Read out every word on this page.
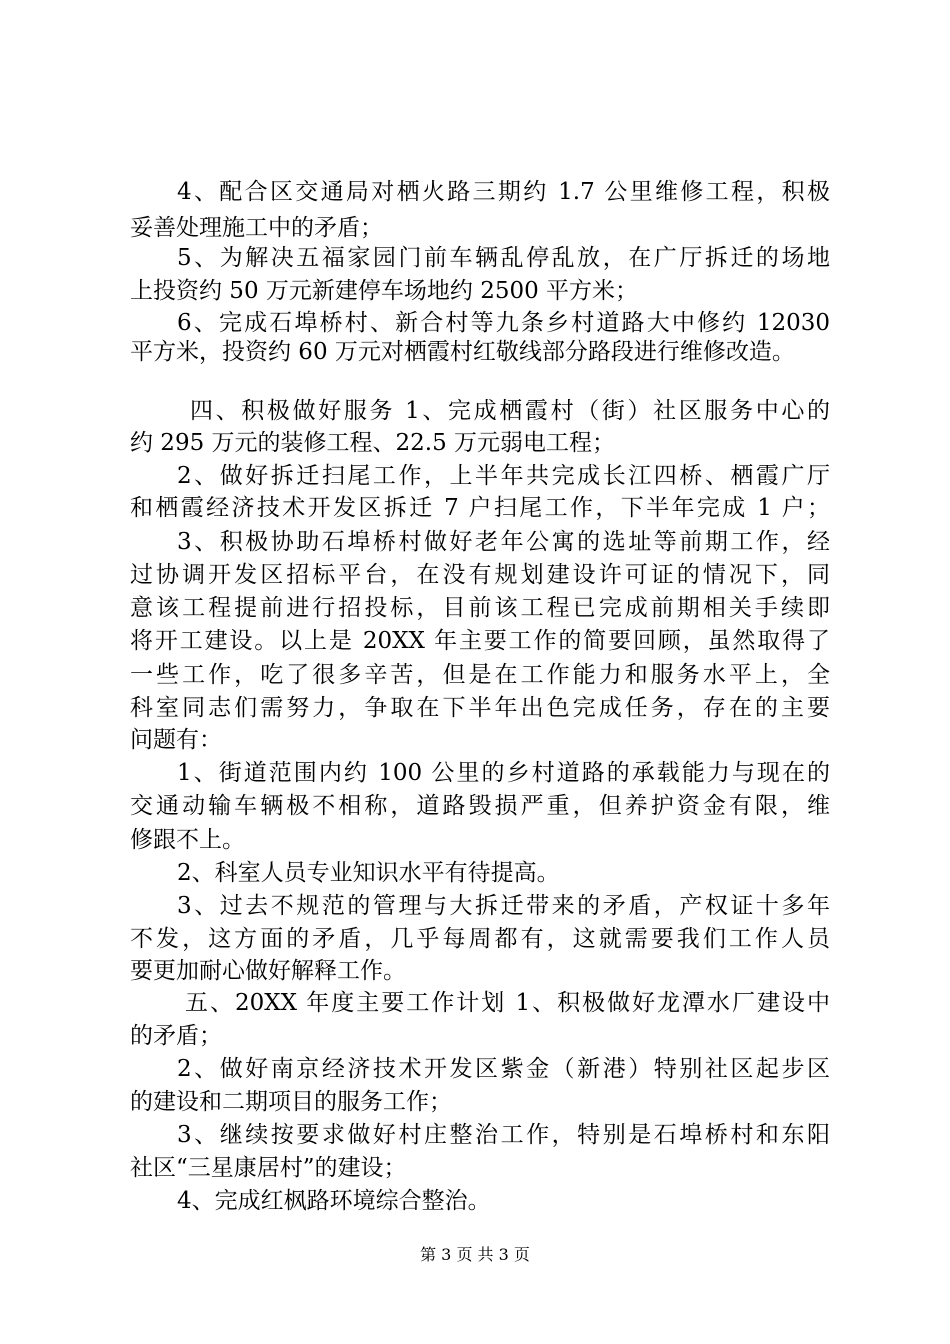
4、配合区交通局对栖火路三期约 1.7 公里维修工程，积极
妥善处理施工中的矛盾；
5、为解决五福家园门前车辆乱停乱放，在广厅拆迁的场地
上投资约 50 万元新建停车场地约 2500 平方米；
6、完成石埠桥村、新合村等九条乡村道路大中修约 12030
平方米，投资约 60 万元对栖霞村红敬线部分路段进行维修改造。
四、积极做好服务 1、完成栖霞村（街）社区服务中心的
约 295 万元的装修工程、22.5 万元弱电工程；
2、做好拆迁扫尾工作，上半年共完成长江四桥、栖霞广厅
和栖霞经济技术开发区拆迁 7 户扫尾工作，下半年完成 1 户；
3、积极协助石埠桥村做好老年公寓的选址等前期工作，经
过协调开发区招标平台，在没有规划建设许可证的情况下，同
意该工程提前进行招投标，目前该工程已完成前期相关手续即
将开工建设。以上是 20XX 年主要工作的简要回顾，虽然取得了
一些工作，吃了很多辛苦，但是在工作能力和服务水平上，全
科室同志们需努力，争取在下半年出色完成任务，存在的主要
问题有：
1、街道范围内约 100 公里的乡村道路的承载能力与现在的
交通动输车辆极不相称，道路毁损严重，但养护资金有限，维
修跟不上。
2、科室人员专业知识水平有待提高。
3、过去不规范的管理与大拆迁带来的矛盾，产权证十多年
不发，这方面的矛盾，几乎每周都有，这就需要我们工作人员
要更加耐心做好解释工作。
五、20XX 年度主要工作计划 1、积极做好龙潭水厂建设中
的矛盾；
2、做好南京经济技术开发区紫金（新港）特别社区起步区
的建设和二期项目的服务工作；
3、继续按要求做好村庄整治工作，特别是石埠桥村和东阳
社区“三星康居村”的建设；
4、完成红枫路环境综合整治。
第 3 页 共 3 页
